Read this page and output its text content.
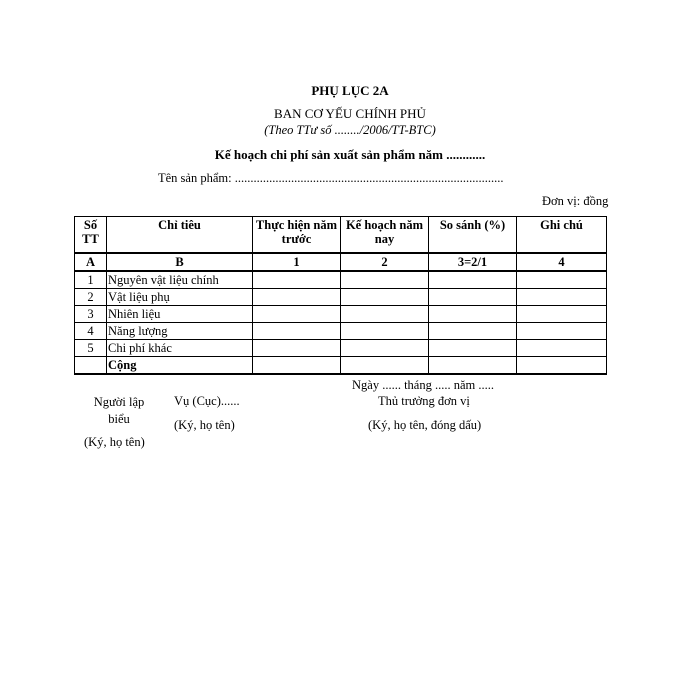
PHỤ LỤC 2A
BAN CƠ YẾU CHÍNH PHỦ
(Theo TTư số ......../2006/TT-BTC)
Kế hoạch chi phí sản xuất sản phẩm năm ............
Tên sản phẩm: ......................................................................................
Đơn vị: đồng
Số TT	Chỉ tiêu	Thực hiện năm trước	Kế hoạch năm nay	So sánh (%)	Ghi chú
A	B	1	2	3=2/1	4
1	Nguyên vật liệu chính				
2	Vật liệu phụ				
3	Nhiên liệu				
4	Năng lượng				
5	Chi phí khác				
	Cộng				
Ngày ...... tháng ..... năm .....
Người lập biểu
(Ký, họ tên)
Vụ (Cục)......
(Ký, họ tên)
Thủ trưởng đơn vị
(Ký, họ tên, đóng dấu)
